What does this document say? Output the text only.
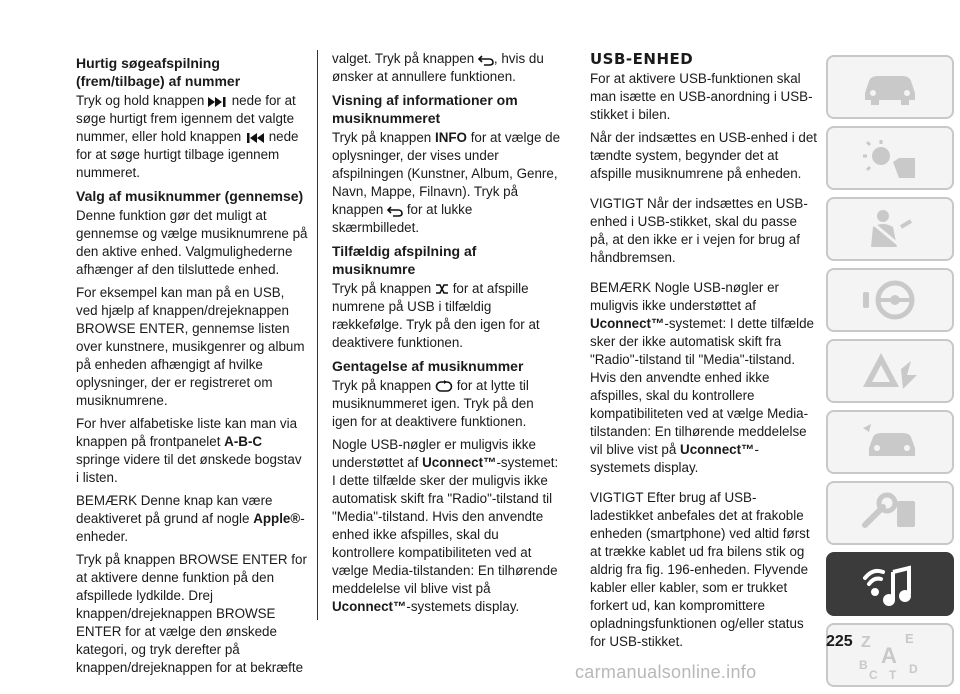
Hurtig søgeafspilning (frem/tilbage) af nummer

Tryk og hold knappen  nede for at søge hurtigt frem igennem det valgte nummer, eller hold knappen  nede for at søge hurtigt tilbage igennem nummeret.

Valg af musiknummer (gennemse)

Denne funktion gør det muligt at gennemse og vælge musiknumrene på den aktive enhed. Valgmulighederne afhænger af den tilsluttede enhed.

For eksempel kan man på en USB, ved hjælp af knappen/drejeknappen BROWSE ENTER, gennemse listen over kunstnere, musikgenrer og album på enheden afhængigt af hvilke oplysninger, der er registreret om musiknumrene.

For hver alfabetiske liste kan man via knappen på frontpanelet A-B-C springe videre til det ønskede bogstav i listen.

BEMÆRK Denne knap kan være deaktiveret på grund af nogle Apple®-enheder.

Tryk på knappen BROWSE ENTER for at aktivere denne funktion på den afspillede lydkilde. Drej knappen/drejeknappen BROWSE ENTER for at vælge den ønskede kategori, og tryk derefter på knappen/drejeknappen for at bekræfte

valget. Tryk på knappen , hvis du ønsker at annullere funktionen.

Visning af informationer om musiknummeret

Tryk på knappen INFO for at vælge de oplysninger, der vises under afspilningen (Kunstner, Album, Genre, Navn, Mappe, Filnavn). Tryk på knappen  for at lukke skærmbilledet.

Tilfældig afspilning af musiknumre

Tryk på knappen  for at afspille numrene på USB i tilfældig rækkefølge. Tryk på den igen for at deaktivere funktionen.

Gentagelse af musiknummer

Tryk på knappen  for at lytte til musiknummeret igen. Tryk på den igen for at deaktivere funktionen.

Nogle USB-nøgler er muligvis ikke understøttet af Uconnect™-systemet: I dette tilfælde sker der muligvis ikke automatisk skift fra "Radio"-tilstand til "Media"-tilstand. Hvis den anvendte enhed ikke afspilles, skal du kontrollere kompatibiliteten ved at vælge Media-tilstanden: En tilhørende meddelelse vil blive vist på Uconnect™-systemets display.

USB-ENHED

For at aktivere USB-funktionen skal man isætte en USB-anordning i USB-stikket i bilen.

Når der indsættes en USB-enhed i det tændte system, begynder det at afspille musiknumrene på enheden.

VIGTIGT Når der indsættes en USB-enhed i USB-stikket, skal du passe på, at den ikke er i vejen for brug af håndbremsen.

BEMÆRK Nogle USB-nøgler er muligvis ikke understøttet af Uconnect™-systemet: I dette tilfælde sker der ikke automatisk skift fra "Radio"-tilstand til "Media"-tilstand. Hvis den anvendte enhed ikke afspilles, skal du kontrollere kompatibiliteten ved at vælge Media-tilstanden: En tilhørende meddelelse vil blive vist på Uconnect™-systemets display.

VIGTIGT Efter brug af USB-ladestikket anbefales det at frakoble enheden (smartphone) ved altid først at trække kablet ud fra bilens stik og aldrig fra fig. 196-enheden. Flyvende kabler eller kabler, som er trukket forkert ud, kan kompromittere opladningsfunktionen og/eller status for USB-stikket.	Z	E
B A
C T D
225
carmanualsonline.info
